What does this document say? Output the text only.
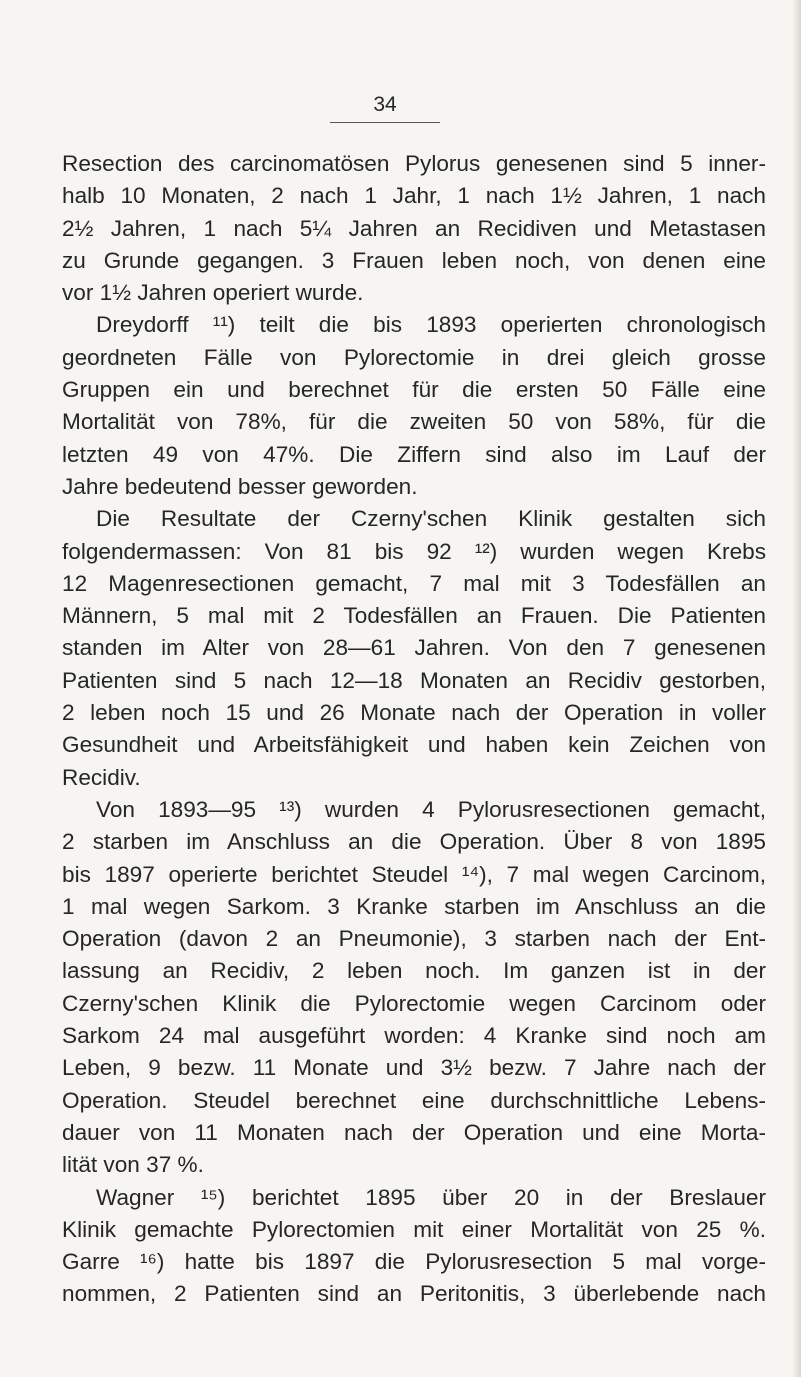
34
Resection des carcinomatösen Pylorus genesenen sind 5 inner-
halb 10 Monaten, 2 nach 1 Jahr, 1 nach 1½ Jahren, 1 nach
2½ Jahren, 1 nach 5¼ Jahren an Recidiven und Metastasen
zu Grunde gegangen. 3 Frauen leben noch, von denen eine
vor 1½ Jahren operiert wurde.
Dreydorff ¹¹) teilt die bis 1893 operierten chronologisch
geordneten Fälle von Pylorectomie in drei gleich grosse
Gruppen ein und berechnet für die ersten 50 Fälle eine
Mortalität von 78%, für die zweiten 50 von 58%, für die
letzten 49 von 47%. Die Ziffern sind also im Lauf der
Jahre bedeutend besser geworden.
Die Resultate der Czerny'schen Klinik gestalten sich
folgendermassen: Von 81 bis 92 ¹²) wurden wegen Krebs
12 Magenresectionen gemacht, 7 mal mit 3 Todesfällen an
Männern, 5 mal mit 2 Todesfällen an Frauen. Die Patienten
standen im Alter von 28—61 Jahren. Von den 7 genesenen
Patienten sind 5 nach 12—18 Monaten an Recidiv gestorben,
2 leben noch 15 und 26 Monate nach der Operation in voller
Gesundheit und Arbeitsfähigkeit und haben kein Zeichen von
Recidiv.
Von 1893—95 ¹³) wurden 4 Pylorusresectionen gemacht,
2 starben im Anschluss an die Operation. Über 8 von 1895
bis 1897 operierte berichtet Steudel ¹⁴), 7 mal wegen Carcinom,
1 mal wegen Sarkom. 3 Kranke starben im Anschluss an die
Operation (davon 2 an Pneumonie), 3 starben nach der Ent-
lassung an Recidiv, 2 leben noch. Im ganzen ist in der
Czerny'schen Klinik die Pylorectomie wegen Carcinom oder
Sarkom 24 mal ausgeführt worden: 4 Kranke sind noch am
Leben, 9 bezw. 11 Monate und 3½ bezw. 7 Jahre nach der
Operation. Steudel berechnet eine durchschnittliche Lebens-
dauer von 11 Monaten nach der Operation und eine Morta-
lität von 37 %.
Wagner ¹⁵) berichtet 1895 über 20 in der Breslauer
Klinik gemachte Pylorectomien mit einer Mortalität von 25 %.
Garre ¹⁶) hatte bis 1897 die Pylorusresection 5 mal vorge-
nommen, 2 Patienten sind an Peritonitis, 3 überlebende nach
